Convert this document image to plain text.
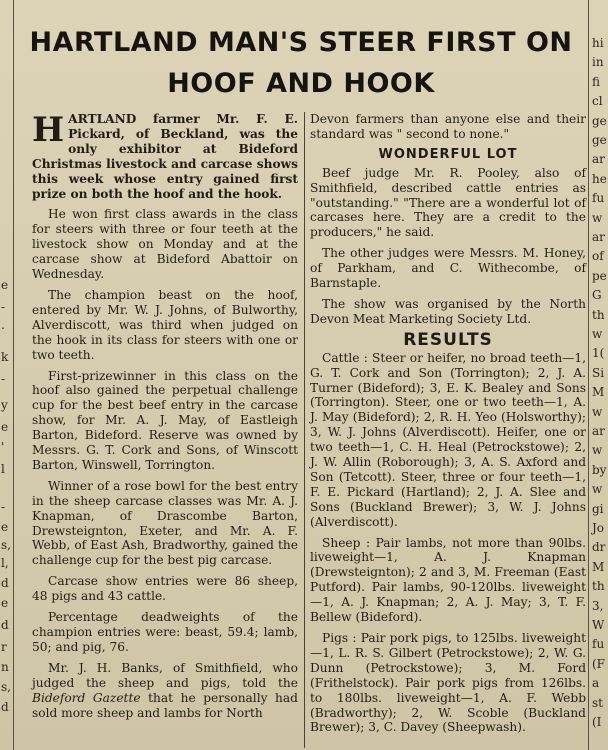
e
-
.
k
-
y
e
'
l
-
e
s,
l,
d
e
d
r
n
s,
d
hi
in
fi
cl
ge
ge
ar
he
fu
w
ar
of
pe
G
th
w
1(
Si
M
w
ar
w
by
w
gi
Jo
dr
M
th
3,
W
fu
(F
a
st
(I
HARTLAND MAN'S STEER FIRST ON
HOOF AND HOOK

HARTLAND farmer Mr. F. E. Pickard, of Beckland, was the only exhibitor at Bideford Christmas livestock and carcase shows this week whose entry gained first prize on both the hoof and the hook.

He won first class awards in the class for steers with three or four teeth at the livestock show on Monday and at the carcase show at Bideford Abattoir on Wednesday.

The champion beast on the hoof, entered by Mr. W. J. Johns, of Bulworthy, Alverdiscott, was third when judged on the hook in its class for steers with one or two teeth.

First-prizewinner in this class on the hoof also gained the perpetual challenge cup for the best beef entry in the carcase show, for Mr. A. J. May, of Eastleigh Barton, Bideford. Reserve was owned by Messrs. G. T. Cork and Sons, of Winscott Barton, Winswell, Torrington.

Winner of a rose bowl for the best entry in the sheep carcase classes was Mr. A. J. Knapman, of Drascombe Barton, Drewsteignton, Exeter, and Mr. A. F. Webb, of East Ash, Bradworthy, gained the challenge cup for the best pig carcase.

Carcase show entries were 86 sheep, 48 pigs and 43 cattle.

Percentage deadweights of the champion entries were: beast, 59.4; lamb, 50; and pig, 76.

Mr. J. H. Banks, of Smithfield, who judged the sheep and pigs, told the Bideford Gazette that he personally had sold more sheep and lambs for North

Devon farmers than anyone else and their standard was " second to none."

WONDERFUL LOT

Beef judge Mr. R. Pooley, also of Smithfield, described cattle entries as "outstanding." "There are a wonderful lot of carcases here. They are a credit to the producers," he said.

The other judges were Messrs. M. Honey, of Parkham, and C. Withecombe, of Barnstaple.

The show was organised by the North Devon Meat Marketing Society Ltd.

RESULTS

Cattle : Steer or heifer, no broad teeth—1, G. T. Cork and Son (Torrington); 2, J. A. Turner (Bideford); 3, E. K. Bealey and Sons (Torrington). Steer, one or two teeth—1, A. J. May (Bideford); 2, R. H. Yeo (Holsworthy); 3, W. J. Johns (Alverdiscott). Heifer, one or two teeth—1, C. H. Heal (Petrockstowe); 2, J. W. Allin (Roborough); 3, A. S. Axford and Son (Tetcott). Steer, three or four teeth—1, F. E. Pickard (Hartland); 2, J. A. Slee and Sons (Buckland Brewer); 3, W. J. Johns (Alverdiscott).

Sheep : Pair lambs, not more than 90lbs. liveweight—1, A. J. Knapman (Drewsteignton); 2 and 3, M. Freeman (East Putford). Pair lambs, 90-120lbs. liveweight—1, A. J. Knapman; 2, A. J. May; 3, T. F. Bellew (Bideford).

Pigs : Pair pork pigs, to 125lbs. liveweight—1, L. R. S. Gilbert (Petrockstowe); 2, W. G. Dunn (Petrockstowe); 3, M. Ford (Frithelstock). Pair pork pigs from 126lbs. to 180lbs. liveweight—1, A. F. Webb (Bradworthy); 2, W. Scoble (Buckland Brewer); 3, C. Davey (Sheepwash).
